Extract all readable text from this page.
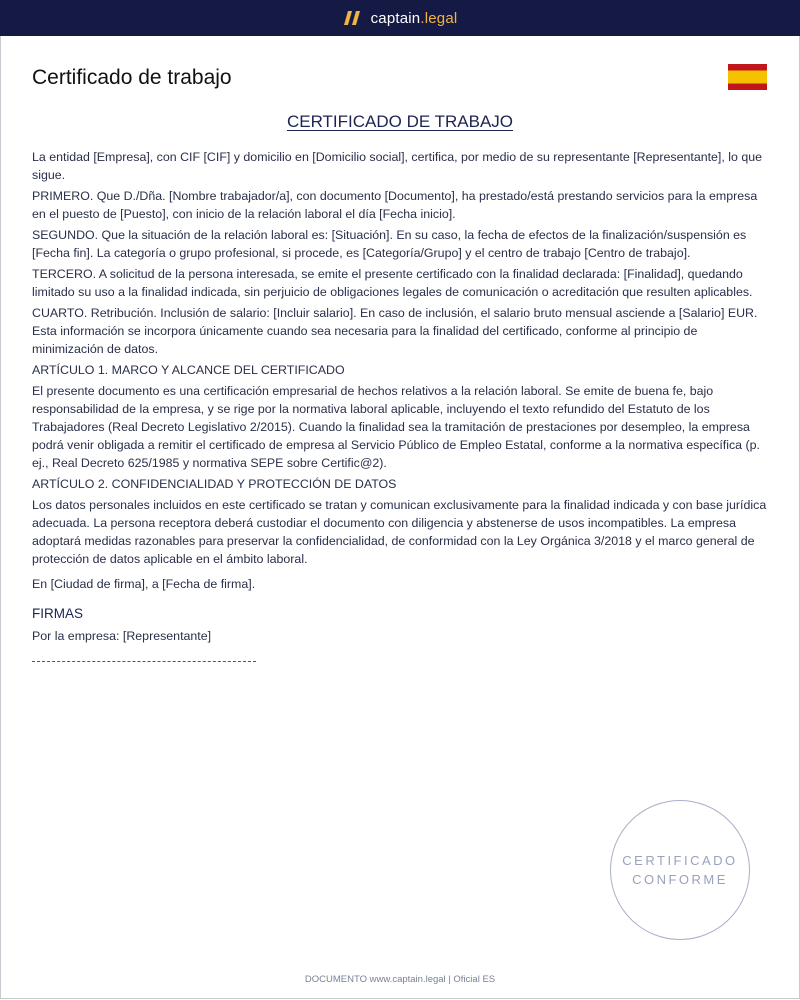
captain.legal
Certificado de trabajo
CERTIFICADO DE TRABAJO

La entidad [Empresa], con CIF [CIF] y domicilio en [Domicilio social], certifica, por medio de su representante [Representante], lo que sigue.

PRIMERO. Que D./Dña. [Nombre trabajador/a], con documento [Documento], ha prestado/está prestando servicios para la empresa en el puesto de [Puesto], con inicio de la relación laboral el día [Fecha inicio].

SEGUNDO. Que la situación de la relación laboral es: [Situación]. En su caso, la fecha de efectos de la finalización/suspensión es [Fecha fin]. La categoría o grupo profesional, si procede, es [Categoría/Grupo] y el centro de trabajo [Centro de trabajo].

TERCERO. A solicitud de la persona interesada, se emite el presente certificado con la finalidad declarada: [Finalidad], quedando limitado su uso a la finalidad indicada, sin perjuicio de obligaciones legales de comunicación o acreditación que resulten aplicables.

CUARTO. Retribución. Inclusión de salario: [Incluir salario]. En caso de inclusión, el salario bruto mensual asciende a [Salario] EUR. Esta información se incorpora únicamente cuando sea necesaria para la finalidad del certificado, conforme al principio de minimización de datos.

ARTÍCULO 1. MARCO Y ALCANCE DEL CERTIFICADO

El presente documento es una certificación empresarial de hechos relativos a la relación laboral. Se emite de buena fe, bajo responsabilidad de la empresa, y se rige por la normativa laboral aplicable, incluyendo el texto refundido del Estatuto de los Trabajadores (Real Decreto Legislativo 2/2015). Cuando la finalidad sea la tramitación de prestaciones por desempleo, la empresa podrá venir obligada a remitir el certificado de empresa al Servicio Público de Empleo Estatal, conforme a la normativa específica (p. ej., Real Decreto 625/1985 y normativa SEPE sobre Certific@2).

ARTÍCULO 2. CONFIDENCIALIDAD Y PROTECCIÓN DE DATOS

Los datos personales incluidos en este certificado se tratan y comunican exclusivamente para la finalidad indicada y con base jurídica adecuada. La persona receptora deberá custodiar el documento con diligencia y abstenerse de usos incompatibles. La empresa adoptará medidas razonables para preservar la confidencialidad, de conformidad con la Ley Orgánica 3/2018 y el marco general de protección de datos aplicable en el ámbito laboral.

En [Ciudad de firma], a [Fecha de firma].

FIRMAS
Por la empresa: [Representante]
CERTIFICADO
CONFORME
DOCUMENTO www.captain.legal | Oficial ES
